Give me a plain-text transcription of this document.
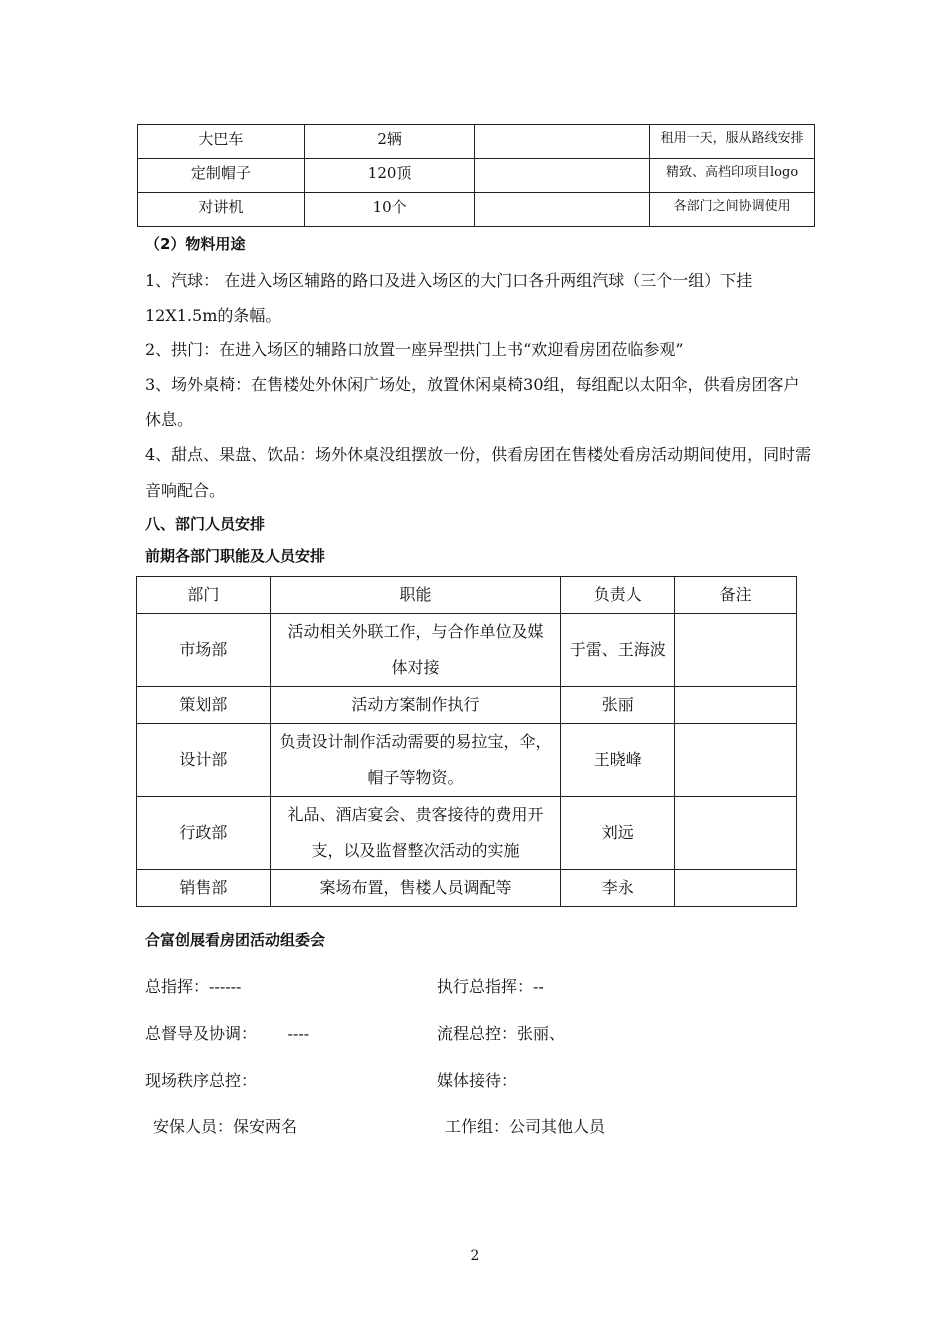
大巴车	2辆		租用一天，服从路线安排
定制帽子	120顶		精致、高档印项目logo
对讲机	10个		各部门之间协调使用
（2）物料用途
1、汽球： 在进入场区辅路的路口及进入场区的大门口各升两组汽球（三个一组）下挂
12X1.5m的条幅。
2、拱门：在进入场区的辅路口放置一座异型拱门上书“欢迎看房团莅临参观”
3、场外桌椅：在售楼处外休闲广场处，放置休闲桌椅30组，每组配以太阳伞，供看房团客户
休息。
4、甜点、果盘、饮品：场外休桌没组摆放一份，供看房团在售楼处看房活动期间使用，同时需
音响配合。
八、部门人员安排
前期各部门职能及人员安排
部门	职能	负责人	备注
市场部	活动相关外联工作，与合作单位及媒
体对接	于雷、王海波	
策划部	活动方案制作执行	张丽	
设计部	负责设计制作活动需要的易拉宝，伞，
帽子等物资。	王晓峰	
行政部	礼品、酒店宴会、贵客接待的费用开
支，以及监督整次活动的实施	刘远	
销售部	案场布置，售楼人员调配等	李永	
合富创展看房团活动组委会
总指挥：------	执行总指挥：--
总督导及协调：      ----	流程总控：张丽、
现场秩序总控：	媒体接待：
安保人员：保安两名	工作组：公司其他人员
2
